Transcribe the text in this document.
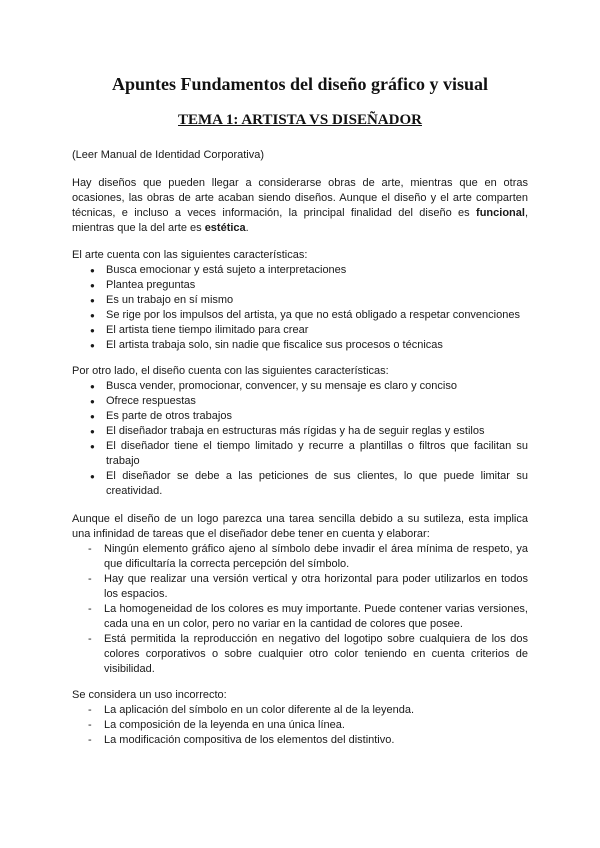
Apuntes Fundamentos del diseño gráfico y visual
TEMA 1: ARTISTA VS DISEÑADOR

(Leer Manual de Identidad Corporativa)

Hay diseños que pueden llegar a considerarse obras de arte, mientras que en otras ocasiones, las obras de arte acaban siendo diseños. Aunque el diseño y el arte comparten técnicas, e incluso a veces información, la principal finalidad del diseño es funcional, mientras que la del arte es estética.

El arte cuenta con las siguientes características:

● Busca emocionar y está sujeto a interpretaciones
● Plantea preguntas
● Es un trabajo en sí mismo
● Se rige por los impulsos del artista, ya que no está obligado a respetar convenciones
● El artista tiene tiempo ilimitado para crear
● El artista trabaja solo, sin nadie que fiscalice sus procesos o técnicas

Por otro lado, el diseño cuenta con las siguientes características:

● Busca vender, promocionar, convencer, y su mensaje es claro y conciso
● Ofrece respuestas
● Es parte de otros trabajos
● El diseñador trabaja en estructuras más rígidas y ha de seguir reglas y estilos
● El diseñador tiene el tiempo limitado y recurre a plantillas o filtros que facilitan su trabajo
● El diseñador se debe a las peticiones de sus clientes, lo que puede limitar su creatividad.

Aunque el diseño de un logo parezca una tarea sencilla debido a su sutileza, esta implica una infinidad de tareas que el diseñador debe tener en cuenta y elaborar:

- Ningún elemento gráfico ajeno al símbolo debe invadir el área mínima de respeto, ya que dificultaría la correcta percepción del símbolo.
- Hay que realizar una versión vertical y otra horizontal para poder utilizarlos en todos los espacios.
- La homogeneidad de los colores es muy importante. Puede contener varias versiones, cada una en un color, pero no variar en la cantidad de colores que posee.
- Está permitida la reproducción en negativo del logotipo sobre cualquiera de los dos colores corporativos o sobre cualquier otro color teniendo en cuenta criterios de visibilidad.

Se considera un uso incorrecto:

- La aplicación del símbolo en un color diferente al de la leyenda.
- La composición de la leyenda en una única línea.
- La modificación compositiva de los elementos del distintivo.
